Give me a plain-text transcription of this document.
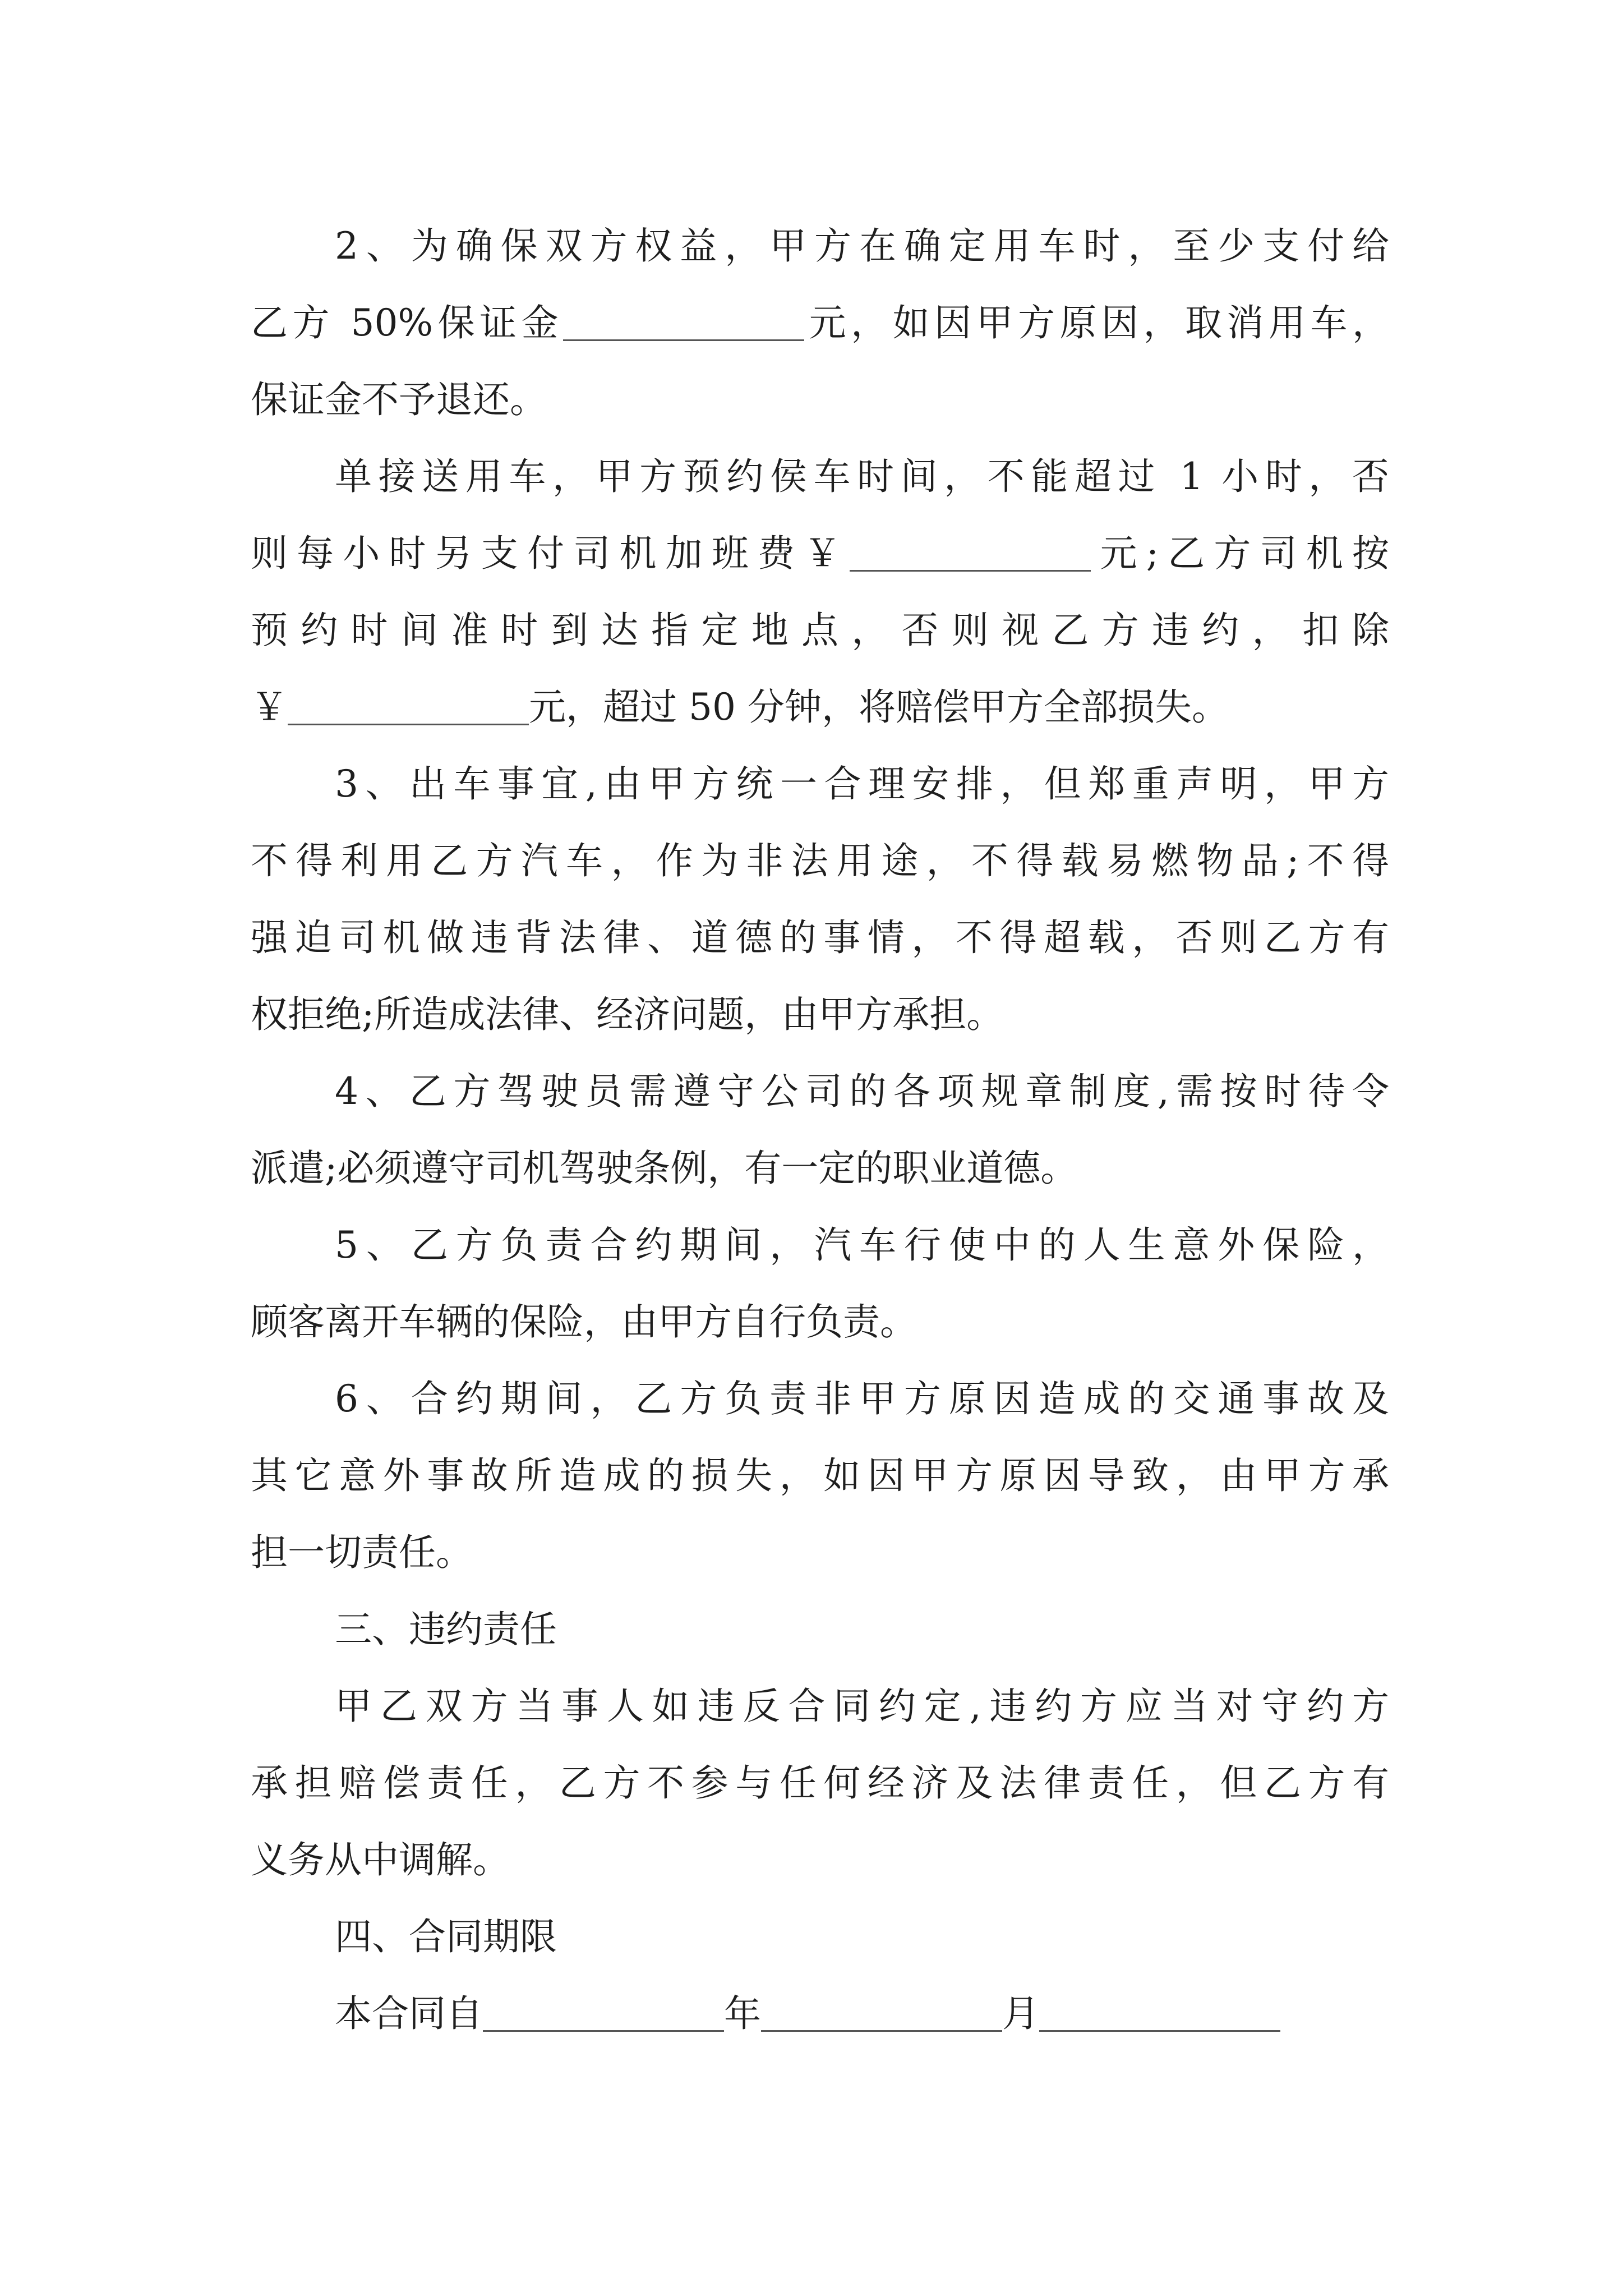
2、为确保双方权益，甲方在确定用车时，至少支付给
乙方 50%保证金	元，如因甲方原因，取消用车，
保证金不予退还。
单接送用车，甲方预约侯车时间，不能超过 1 小时，否
则每小时另支付司机加班费￥	元;乙方司机按
预约时间准时到达指定地点，否则视乙方违约，扣除
￥	元，超过 50 分钟，将赔偿甲方全部损失。
3、出车事宜,由甲方统一合理安排，但郑重声明，甲方
不得利用乙方汽车，作为非法用途，不得载易燃物品;不得
强迫司机做违背法律、道德的事情，不得超载，否则乙方有
权拒绝;所造成法律、经济问题，由甲方承担。
4、乙方驾驶员需遵守公司的各项规章制度,需按时待令
派遣;必须遵守司机驾驶条例，有一定的职业道德。
5、乙方负责合约期间，汽车行使中的人生意外保险，
顾客离开车辆的保险，由甲方自行负责。
6、合约期间，乙方负责非甲方原因造成的交通事故及
其它意外事故所造成的损失，如因甲方原因导致，由甲方承
担一切责任。
三、违约责任
甲乙双方当事人如违反合同约定,违约方应当对守约方
承担赔偿责任，乙方不参与任何经济及法律责任，但乙方有
义务从中调解。
四、合同期限
本合同自	年	月
